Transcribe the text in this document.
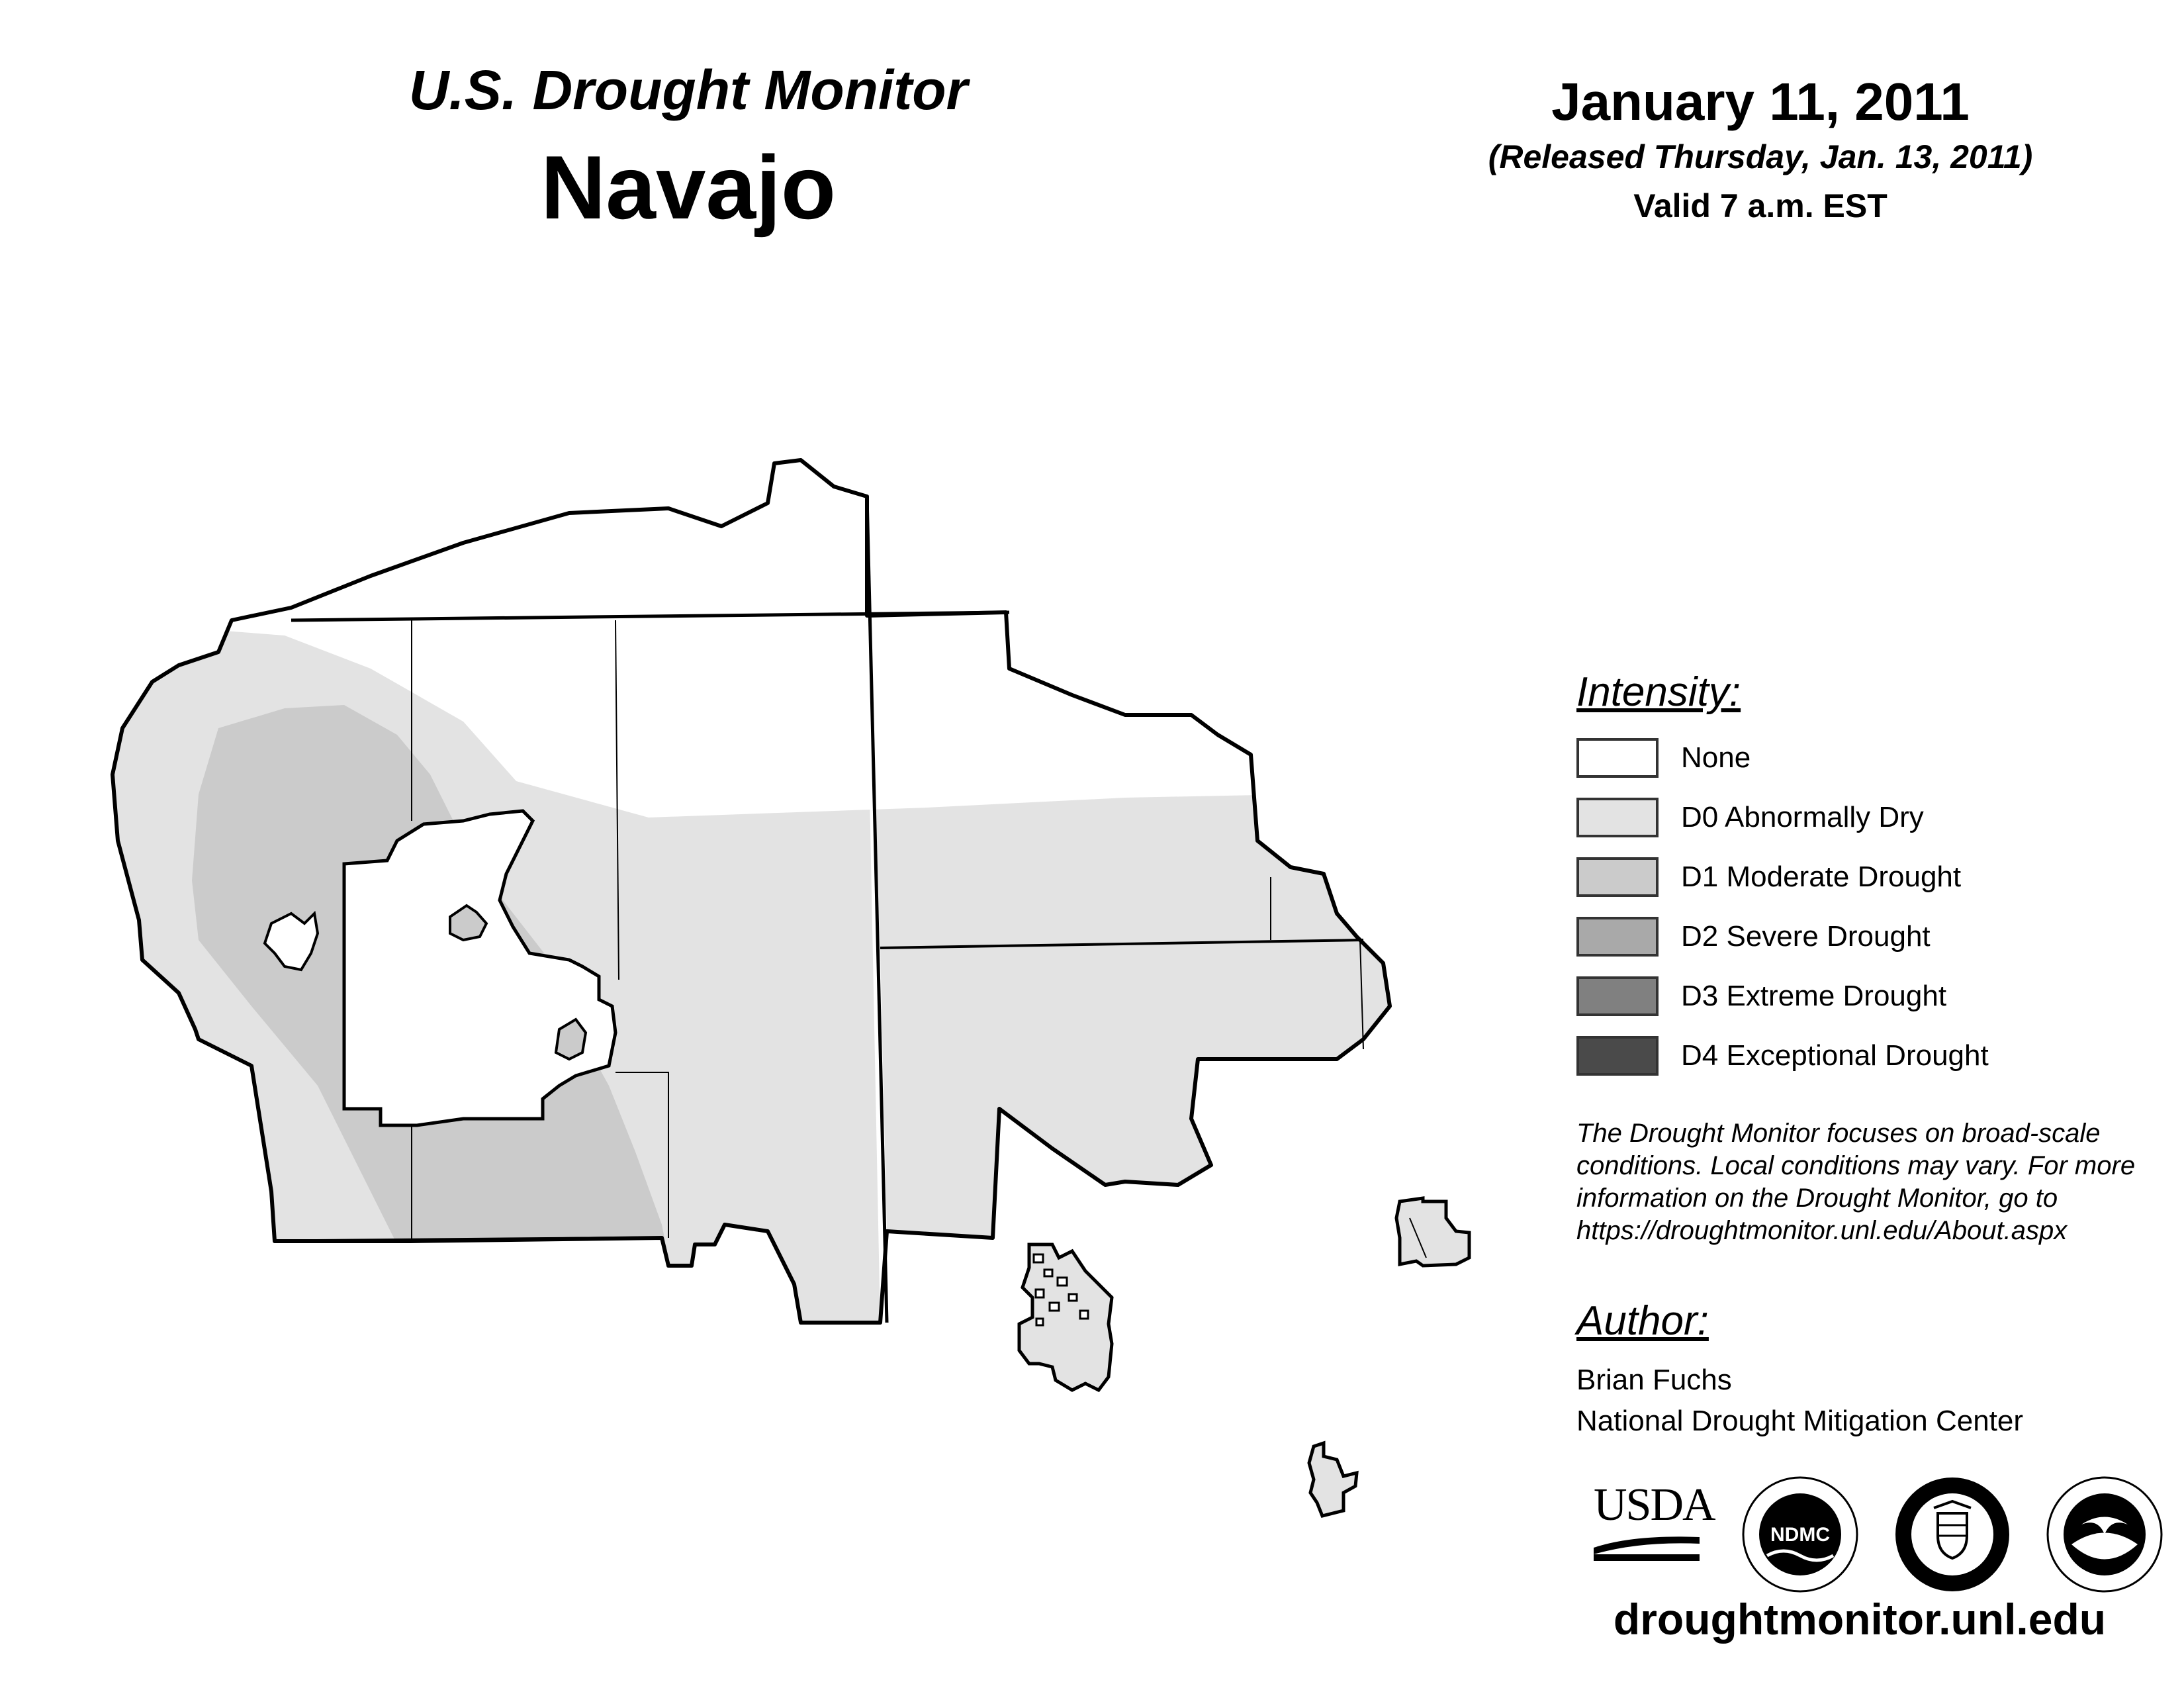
U.S. Drought Monitor
Navajo
January 11, 2011
(Released Thursday, Jan. 13, 2011)
Valid 7 a.m. EST
Intensity:
None
D0 Abnormally Dry
D1 Moderate Drought
D2 Severe Drought
D3 Extreme Drought
D4 Exceptional Drought
The Drought Monitor focuses on broad-scale
conditions. Local conditions may vary. For more
information on the Drought Monitor, go to
https://droughtmonitor.unl.edu/About.aspx
Author:
Brian Fuchs
National Drought Mitigation Center
USDA
NDMC
droughtmonitor.unl.edu
